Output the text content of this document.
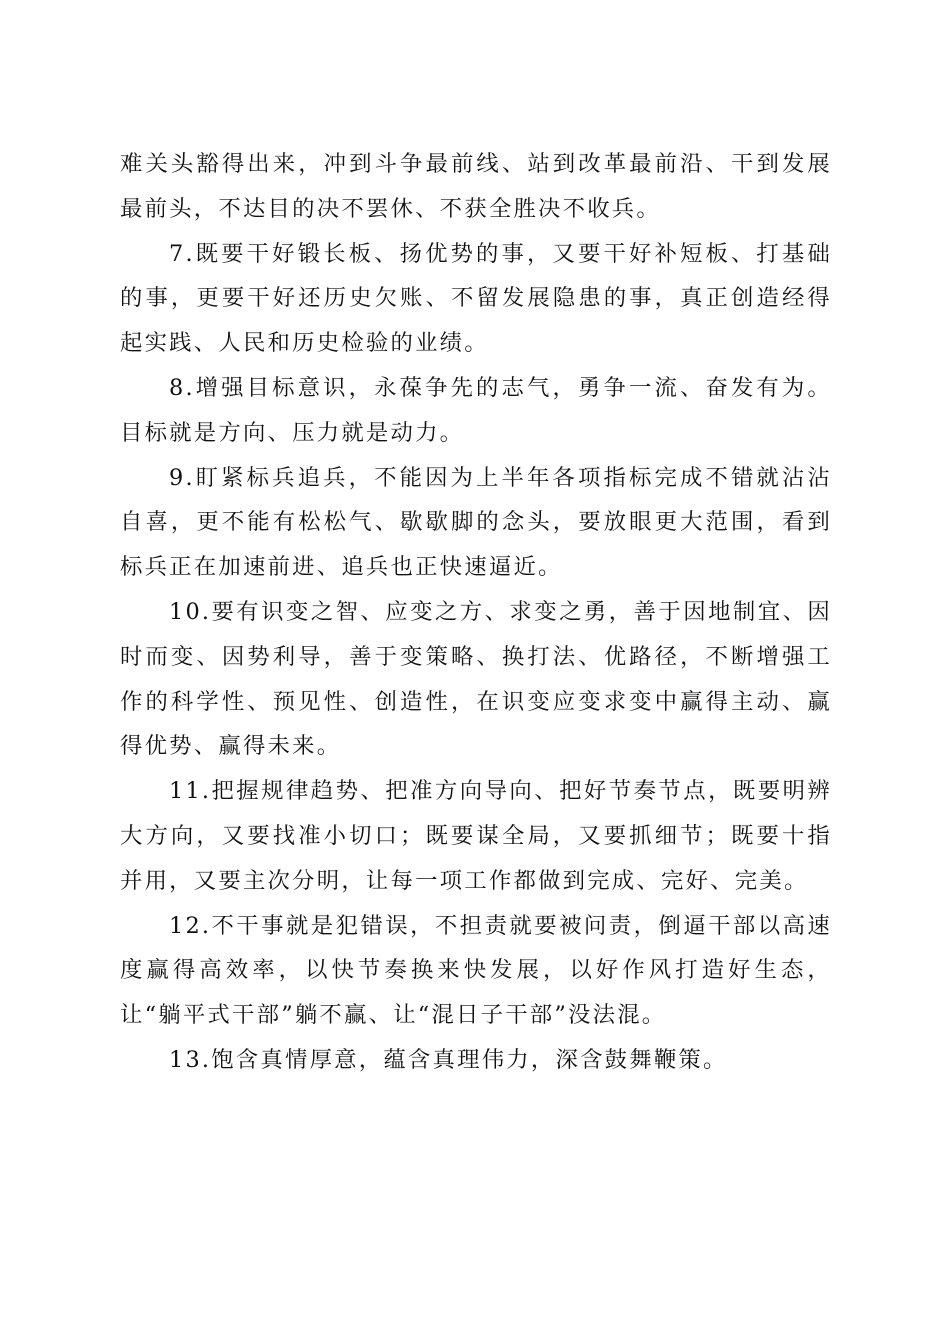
难关头豁得出来，冲到斗争最前线、站到改革最前沿、干到发展最前头，不达目的决不罢休、不获全胜决不收兵。

7.既要干好锻长板、扬优势的事，又要干好补短板、打基础的事，更要干好还历史欠账、不留发展隐患的事，真正创造经得起实践、人民和历史检验的业绩。

8.增强目标意识，永葆争先的志气，勇争一流、奋发有为。目标就是方向、压力就是动力。

9.盯紧标兵追兵，不能因为上半年各项指标完成不错就沾沾自喜，更不能有松松气、歇歇脚的念头，要放眼更大范围，看到标兵正在加速前进、追兵也正快速逼近。

10.要有识变之智、应变之方、求变之勇，善于因地制宜、因时而变、因势利导，善于变策略、换打法、优路径，不断增强工作的科学性、预见性、创造性，在识变应变求变中赢得主动、赢得优势、赢得未来。

11.把握规律趋势、把准方向导向、把好节奏节点，既要明辨大方向，又要找准小切口；既要谋全局，又要抓细节；既要十指并用，又要主次分明，让每一项工作都做到完成、完好、完美。

12.不干事就是犯错误，不担责就要被问责，倒逼干部以高速度赢得高效率，以快节奏换来快发展，以好作风打造好生态，让“躺平式干部”躺不赢、让“混日子干部”没法混。

13.饱含真情厚意，蕴含真理伟力，深含鼓舞鞭策。
